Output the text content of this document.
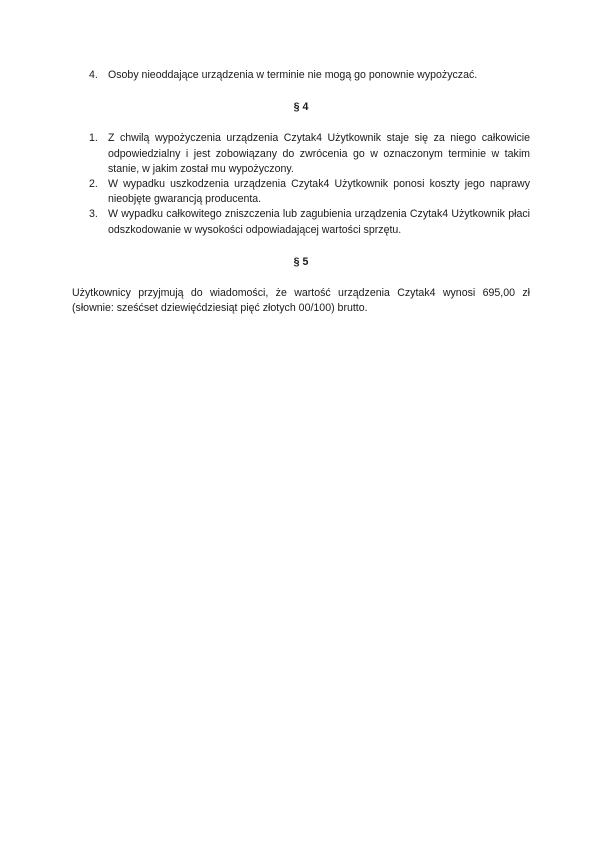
4. Osoby nieoddające urządzenia w terminie nie mogą go ponownie wypożyczać.
§ 4
1. Z chwilą wypożyczenia urządzenia Czytak4 Użytkownik staje się za niego całkowicie odpowiedzialny i jest zobowiązany do zwrócenia go w oznaczonym terminie w takim stanie, w jakim został mu wypożyczony.
2. W wypadku uszkodzenia urządzenia Czytak4 Użytkownik ponosi koszty jego naprawy nieobjęte gwarancją producenta.
3. W wypadku całkowitego zniszczenia lub zagubienia urządzenia Czytak4 Użytkownik płaci odszkodowanie w wysokości odpowiadającej wartości sprzętu.
§ 5

Użytkownicy przyjmują do wiadomości, że wartość urządzenia Czytak4 wynosi 695,00 zł (słownie: sześćset dziewięćdziesiąt pięć złotych 00/100) brutto.
